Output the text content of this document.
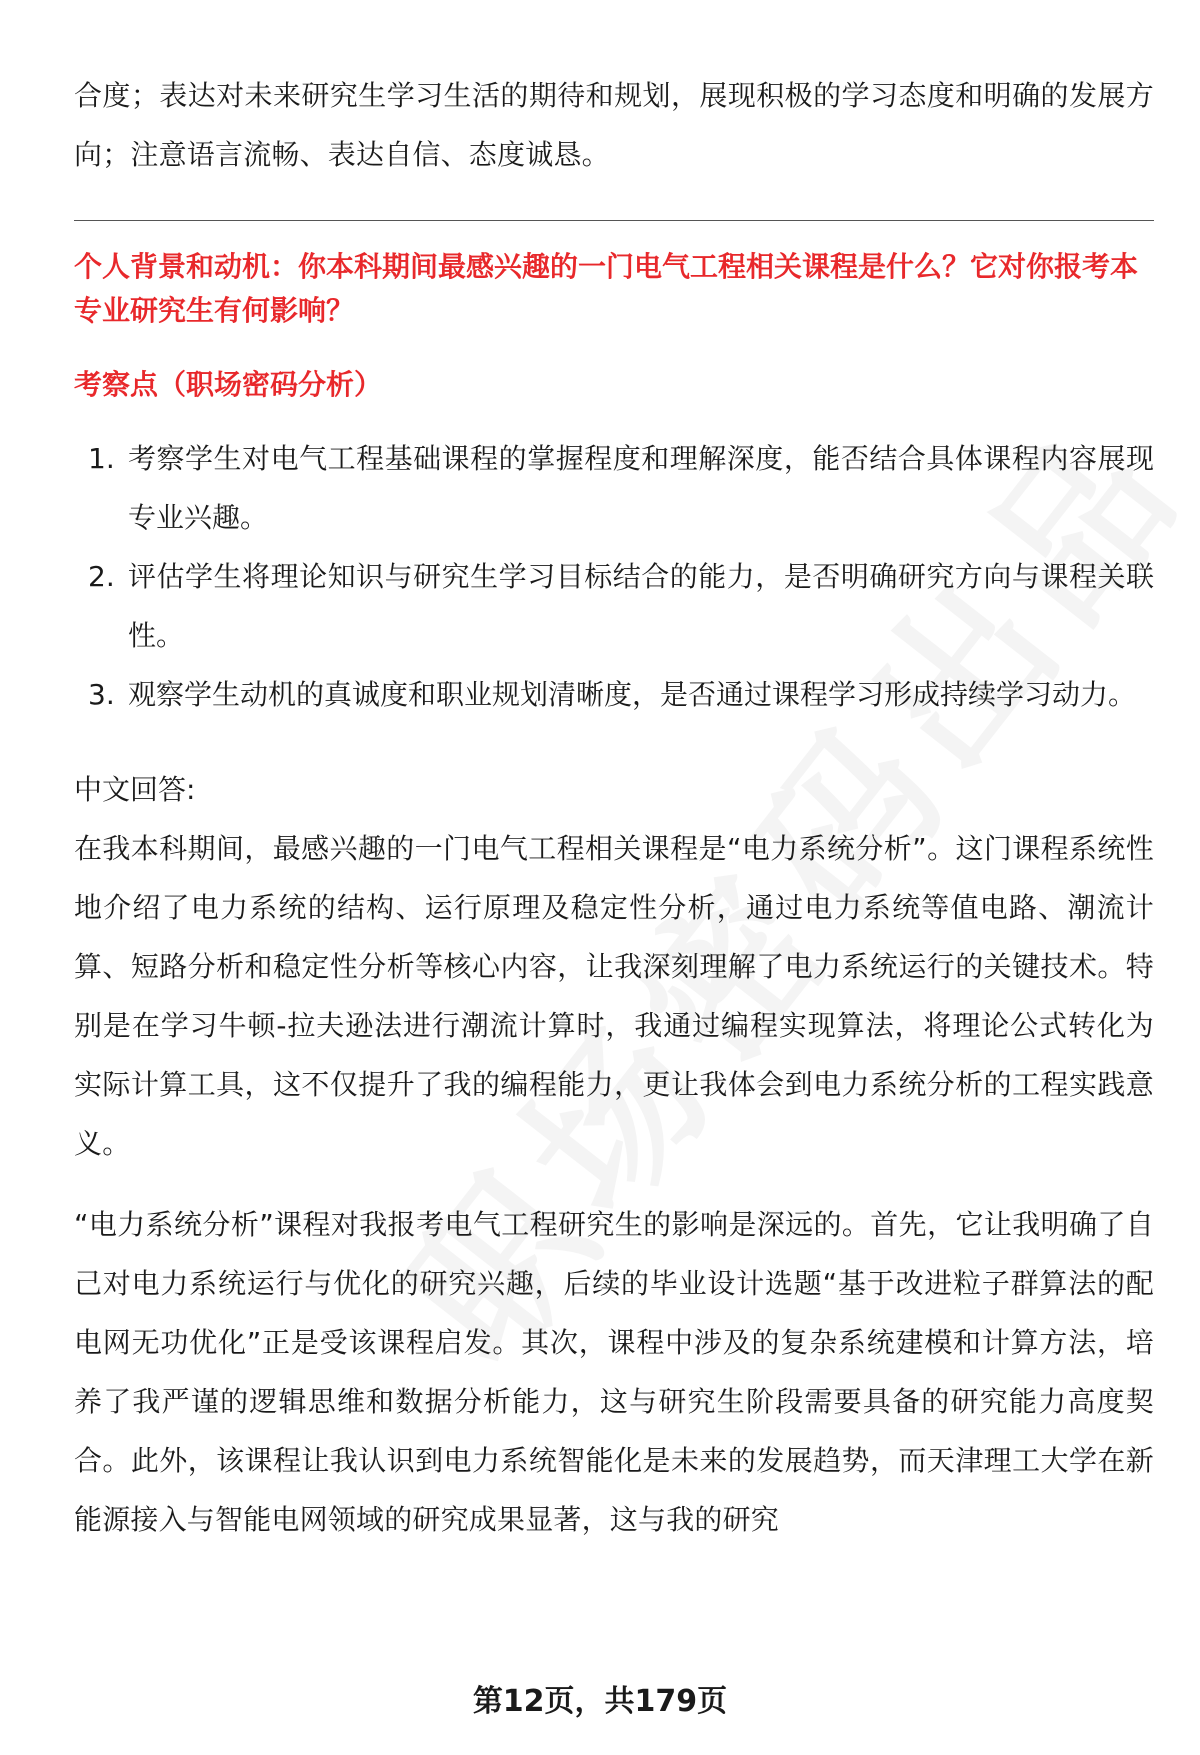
合度；表达对未来研究生学习生活的期待和规划，展现积极的学习态度和明确的发展方向；注意语言流畅、表达自信、态度诚恳。

个人背景和动机：你本科期间最感兴趣的一门电气工程相关课程是什么？它对你报考本专业研究生有何影响？

考察点（职场密码分析）

1. 考察学生对电气工程基础课程的掌握程度和理解深度，能否结合具体课程内容展现专业兴趣。
2. 评估学生将理论知识与研究生学习目标结合的能力，是否明确研究方向与课程关联性。
3. 观察学生动机的真诚度和职业规划清晰度，是否通过课程学习形成持续学习动力。

中文回答:

在我本科期间，最感兴趣的一门电气工程相关课程是“电力系统分析”。这门课程系统性地介绍了电力系统的结构、运行原理及稳定性分析，通过电力系统等值电路、潮流计算、短路分析和稳定性分析等核心内容，让我深刻理解了电力系统运行的关键技术。特别是在学习牛顿-拉夫逊法进行潮流计算时，我通过编程实现算法，将理论公式转化为实际计算工具，这不仅提升了我的编程能力，更让我体会到电力系统分析的工程实践意义。

“电力系统分析”课程对我报考电气工程研究生的影响是深远的。首先，它让我明确了自己对电力系统运行与优化的研究兴趣，后续的毕业设计选题“基于改进粒子群算法的配电网无功优化”正是受该课程启发。其次，课程中涉及的复杂系统建模和计算方法，培养了我严谨的逻辑思维和数据分析能力，这与研究生阶段需要具备的研究能力高度契合。此外，该课程让我认识到电力系统智能化是未来的发展趋势，而天津理工大学在新能源接入与智能电网领域的研究成果显著，这与我的研究

第12页，共179页
